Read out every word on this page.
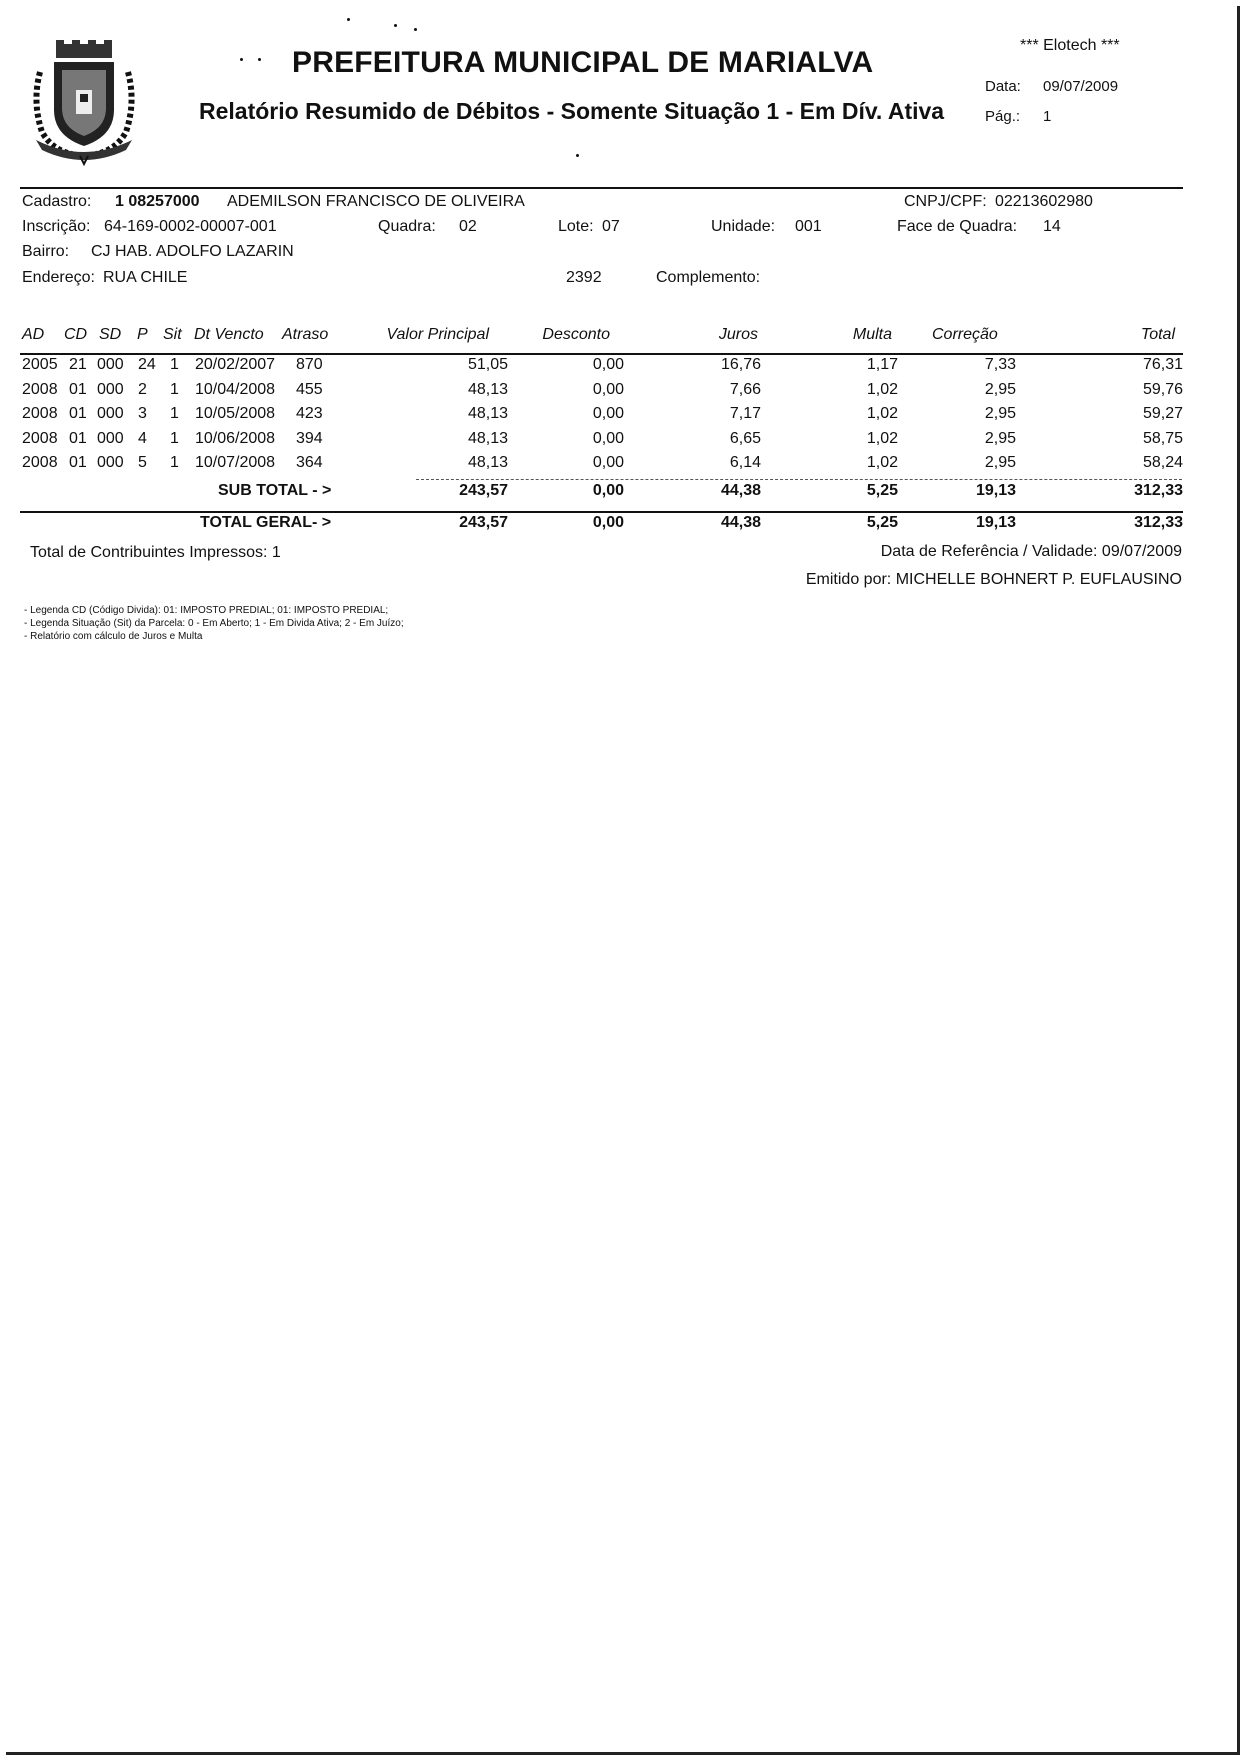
PREFEITURA MUNICIPAL DE MARIALVA
Relatório Resumido de Débitos - Somente Situação 1 - Em Dív. Ativa
*** Elotech ***
Data: 09/07/2009
Pág.: 1
Cadastro: 1 08257000 ADEMILSON FRANCISCO DE OLIVEIRA	CNPJ/CPF: 02213602980
Inscrição: 64-169-0002-00007-001	Quadra: 02	Lote: 07	Unidade: 001	Face de Quadra: 14
Bairro: CJ HAB. ADOLFO LAZARIN
Endereço: RUA CHILE	2392	Complemento:
AD CD SD P Sit Dt Vencto Atraso	Valor Principal	Desconto	Juros	Multa	Correção	Total
2005 21 000 24 1 20/02/2007 870	51,05	0,00	16,76	1,17	7,33	76,31
2008 01 000 2 1 10/04/2008 455	48,13	0,00	7,66	1,02	2,95	59,76
2008 01 000 3 1 10/05/2008 423	48,13	0,00	7,17	1,02	2,95	59,27
2008 01 000 4 1 10/06/2008 394	48,13	0,00	6,65	1,02	2,95	58,75
2008 01 000 5 1 10/07/2008 364	48,13	0,00	6,14	1,02	2,95	58,24
SUB TOTAL - >	243,57	0,00	44,38	5,25	19,13	312,33
TOTAL GERAL- >	243,57	0,00	44,38	5,25	19,13	312,33
Total de Contribuintes Impressos: 1	Data de Referência / Validade: 09/07/2009
Emitido por: MICHELLE BOHNERT P. EUFLAUSINO
- Legenda CD (Código Divida): 01: IMPOSTO PREDIAL; 01: IMPOSTO PREDIAL;
- Legenda Situação (Sit) da Parcela: 0 - Em Aberto; 1 - Em Divida Ativa; 2 - Em Juízo;
- Relatório com cálculo de Juros e Multa
